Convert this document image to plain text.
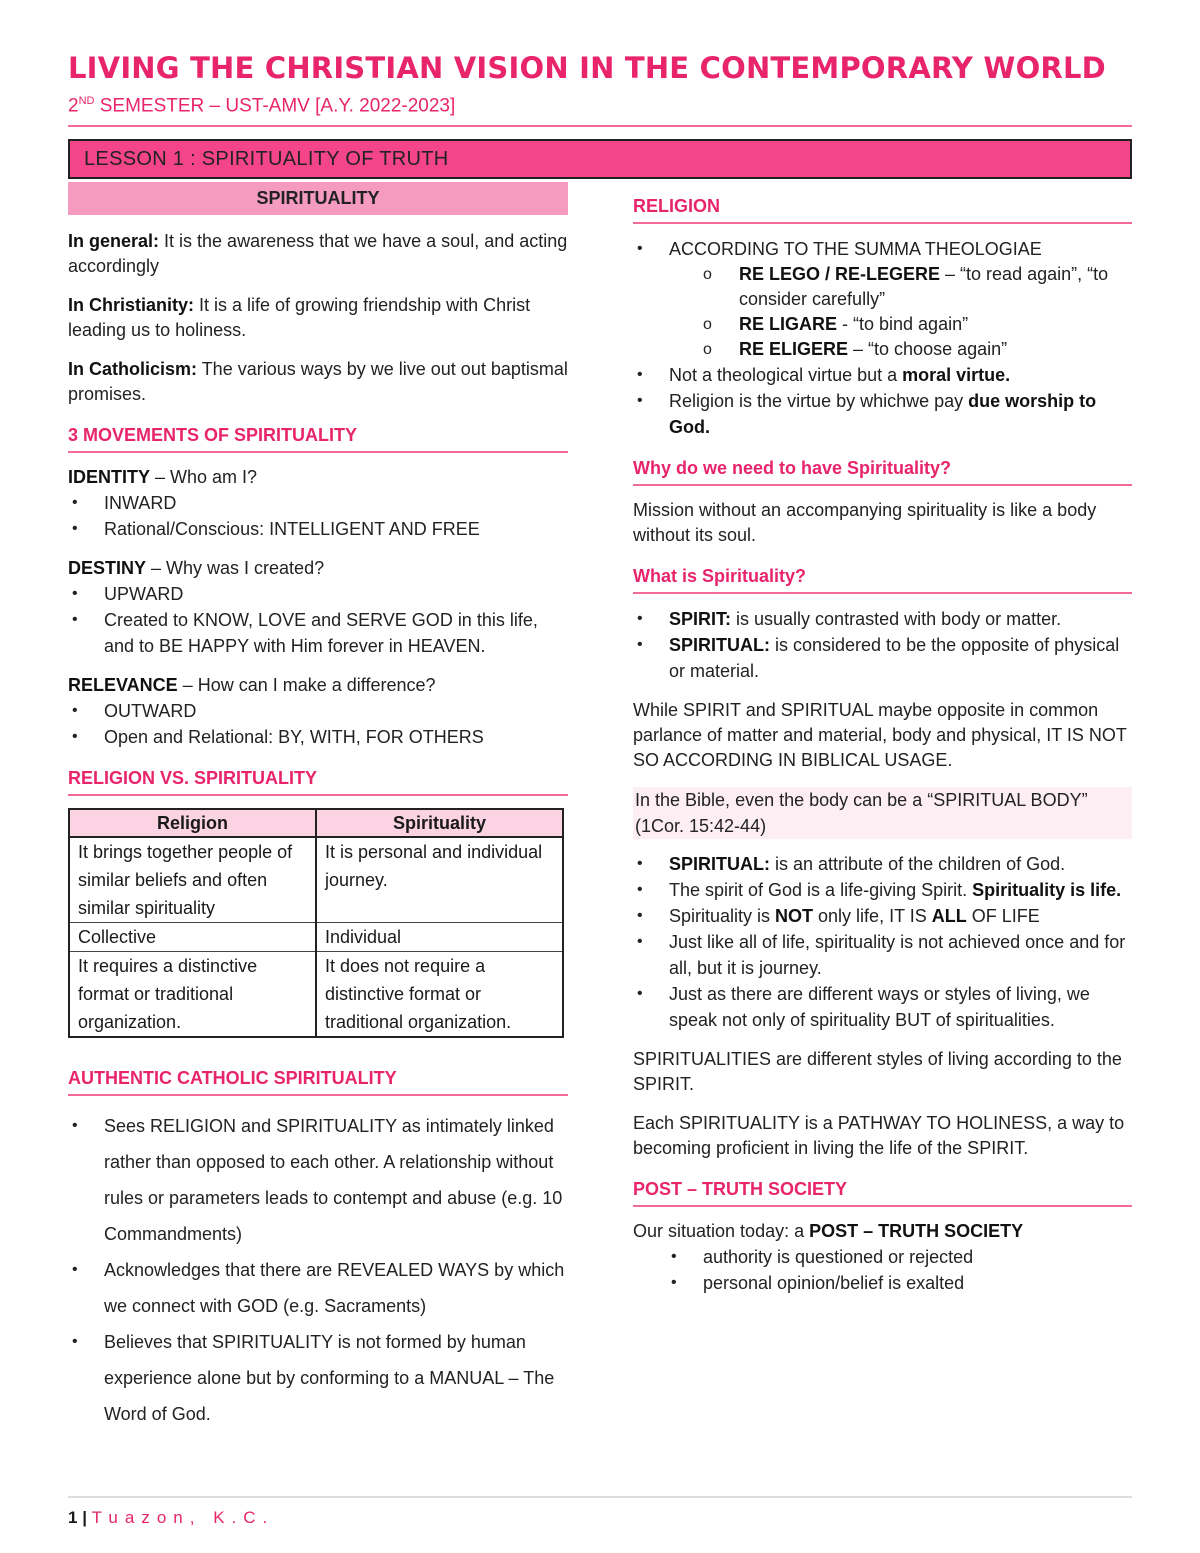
LIVING THE CHRISTIAN VISION IN THE CONTEMPORARY WORLD
2ND SEMESTER – UST-AMV [A.Y. 2022-2023]
LESSON 1 : SPIRITUALITY OF TRUTH
SPIRITUALITY

In general: It is the awareness that we have a soul, and acting accordingly

In Christianity: It is a life of growing friendship with Christ leading us to holiness.

In Catholicism: The various ways by we live out out baptismal promises.

3 MOVEMENTS OF SPIRITUALITY

IDENTITY – Who am I?

• INWARD
• Rational/Conscious: INTELLIGENT AND FREE

DESTINY – Why was I created?

• UPWARD
• Created to KNOW, LOVE and SERVE GOD in this life, and to BE HAPPY with Him forever in HEAVEN.

RELEVANCE – How can I make a difference?

• OUTWARD
• Open and Relational: BY, WITH, FOR OTHERS
RELIGION VS. SPIRITUALITY
Religion	Spirituality
It brings together people of similar beliefs and often similar spirituality	It is personal and individual journey.
Collective	Individual
It requires a distinctive format or traditional organization.	It does not require a distinctive format or traditional organization.
AUTHENTIC CATHOLIC SPIRITUALITY
• Sees RELIGION and SPIRITUALITY as intimately linked rather than opposed to each other. A relationship without rules or parameters leads to contempt and abuse (e.g. 10 Commandments)
• Acknowledges that there are REVEALED WAYS by which we connect with GOD (e.g. Sacraments)
• Believes that SPIRITUALITY is not formed by human experience alone but by conforming to a MANUAL – The Word of God.
RELIGION
• ACCORDING TO THE SUMMA THEOLOGIAE
o RE LEGO / RE-LEGERE – “to read again”, “to consider carefully”
o RE LIGARE - “to bind again”
o RE ELIGERE – “to choose again”
• Not a theological virtue but a moral virtue.
• Religion is the virtue by whichwe pay due worship to God.
Why do we need to have Spirituality?

Mission without an accompanying spirituality is like a body without its soul.

What is Spirituality?
• SPIRIT: is usually contrasted with body or matter.
• SPIRITUAL: is considered to be the opposite of physical or material.

While SPIRIT and SPIRITUAL maybe opposite in common parlance of matter and material, body and physical, IT IS NOT SO ACCORDING IN BIBLICAL USAGE.

In the Bible, even the body can be a “SPIRITUAL BODY” (1Cor. 15:42-44)

• SPIRITUAL: is an attribute of the children of God.
• The spirit of God is a life-giving Spirit. Spirituality is life.
• Spirituality is NOT only life, IT IS ALL OF LIFE
• Just like all of life, spirituality is not achieved once and for all, but it is journey.
• Just as there are different ways or styles of living, we speak not only of spirituality BUT of spiritualities.

SPIRITUALITIES are different styles of living according to the SPIRIT.

Each SPIRITUALITY is a PATHWAY TO HOLINESS, a way to becoming proficient in living the life of the SPIRIT.

POST – TRUTH SOCIETY

Our situation today: a POST – TRUTH SOCIETY

• authority is questioned or rejected
• personal opinion/belief is exalted
1 | Tuazon, K.C.
